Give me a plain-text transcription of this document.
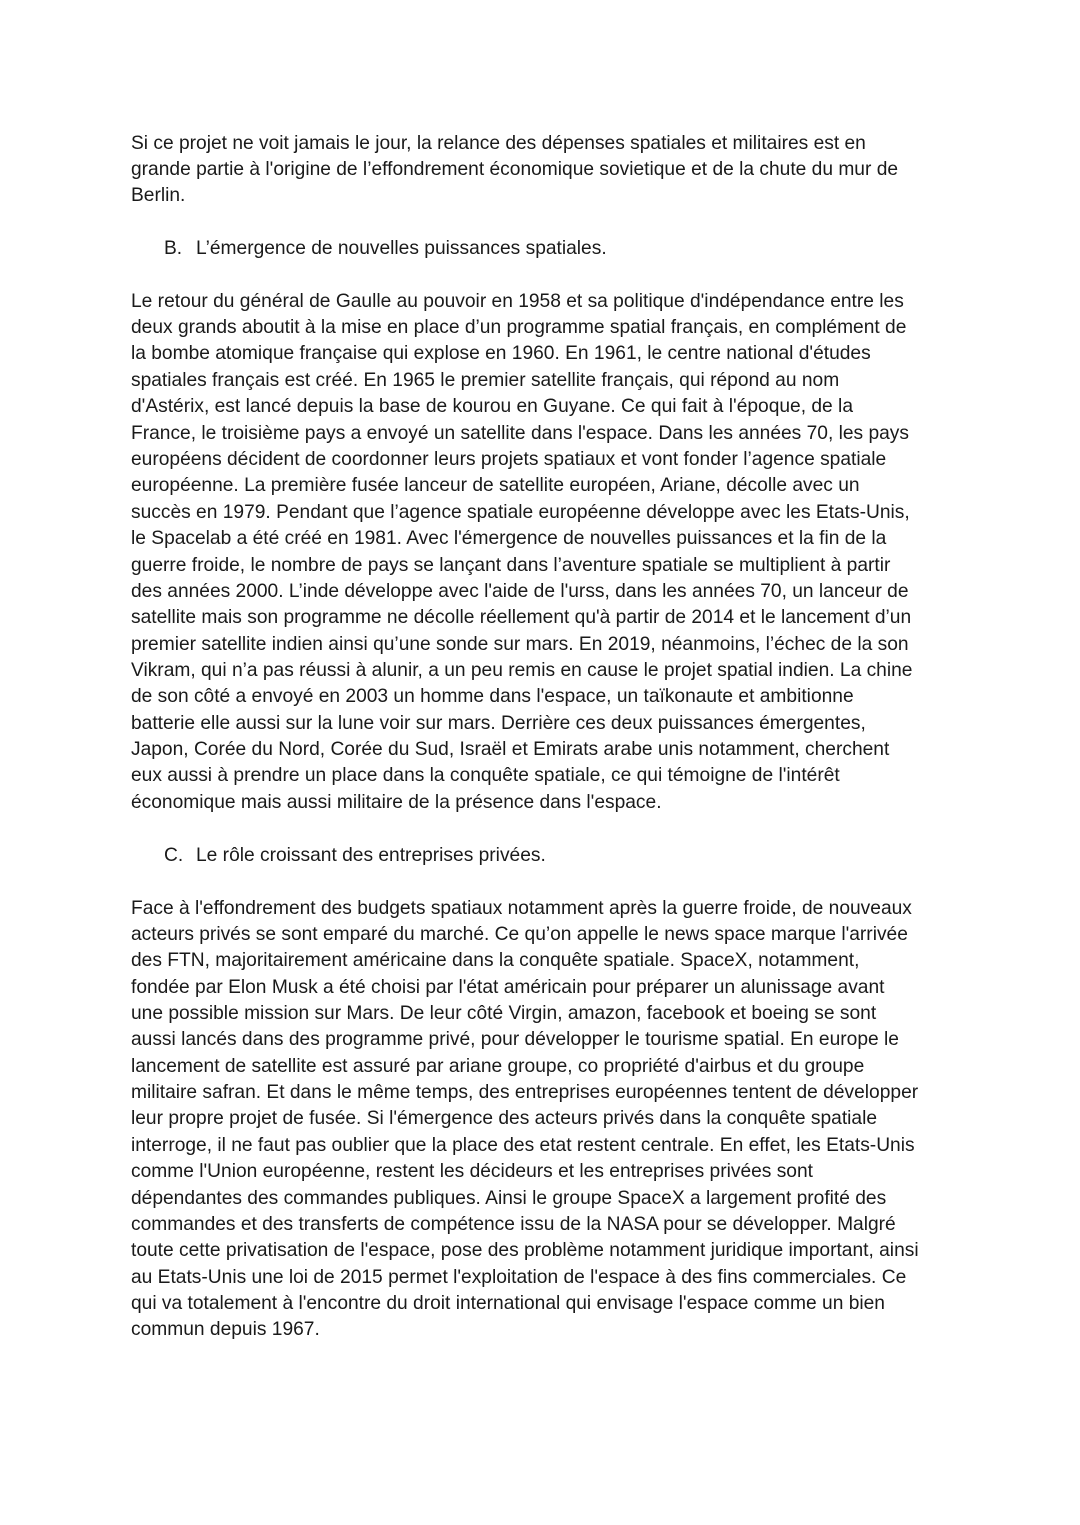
Si ce projet ne voit jamais le jour, la relance des dépenses spatiales et militaires est en
grande partie à l'origine de l’effondrement économique sovietique et de la chute du mur de
Berlin.
B. L’émergence de nouvelles puissances spatiales.
Le retour du général de Gaulle au pouvoir en 1958 et sa politique d'indépendance entre les
deux grands aboutit à la mise en place d’un programme spatial français, en complément de
la bombe atomique française qui explose en 1960. En 1961, le centre national d'études
spatiales français est créé. En 1965 le premier satellite français, qui répond au nom
d'Astérix, est lancé depuis la base de kourou en Guyane. Ce qui fait à l'époque, de la
France, le troisième pays a envoyé un satellite dans l'espace. Dans les années 70, les pays
européens décident de coordonner leurs projets spatiaux et vont fonder l’agence spatiale
européenne. La première fusée lanceur de satellite européen, Ariane, décolle avec un
succès en 1979. Pendant que l’agence spatiale européenne développe avec les Etats-Unis,
le Spacelab a été créé en 1981. Avec l'émergence de nouvelles puissances et la fin de la
guerre froide, le nombre de pays se lançant dans l’aventure spatiale se multiplient à partir
des années 2000. L’inde développe avec l'aide de l'urss, dans les années 70, un lanceur de
satellite mais son programme ne décolle réellement qu'à partir de 2014 et le lancement d’un
premier satellite indien ainsi qu’une sonde sur mars. En 2019, néanmoins, l’échec de la son
Vikram, qui n’a pas réussi à alunir, a un peu remis en cause le projet spatial indien. La chine
de son côté a envoyé en 2003 un homme dans l'espace, un taïkonaute et ambitionne
batterie elle aussi sur la lune voir sur mars. Derrière ces deux puissances émergentes,
Japon, Corée du Nord, Corée du Sud, Israël et Emirats arabe unis notamment, cherchent
eux aussi à prendre un place dans la conquête spatiale, ce qui témoigne de l'intérêt
économique mais aussi militaire de la présence dans l'espace.
C. Le rôle croissant des entreprises privées.
Face à l'effondrement des budgets spatiaux notamment après la guerre froide, de nouveaux
acteurs privés se sont emparé du marché. Ce qu’on appelle le news space marque l'arrivée
des FTN, majoritairement américaine dans la conquête spatiale. SpaceX, notamment,
fondée par Elon Musk a été choisi par l'état américain pour préparer un alunissage avant
une possible mission sur Mars. De leur côté Virgin, amazon, facebook et boeing se sont
aussi lancés dans des programme privé, pour développer le tourisme spatial. En europe le
lancement de satellite est assuré par ariane groupe, co propriété d'airbus et du groupe
militaire safran. Et dans le même temps, des entreprises européennes tentent de développer
leur propre projet de fusée. Si l'émergence des acteurs privés dans la conquête spatiale
interroge, il ne faut pas oublier que la place des etat restent centrale. En effet, les Etats-Unis
comme l'Union européenne, restent les décideurs et les entreprises privées sont
dépendantes des commandes publiques. Ainsi le groupe SpaceX a largement profité des
commandes et des transferts de compétence issu de la NASA pour se développer. Malgré
toute cette privatisation de l'espace, pose des problème notamment juridique important, ainsi
au Etats-Unis une loi de 2015 permet l'exploitation de l'espace à des fins commerciales. Ce
qui va totalement à l'encontre du droit international qui envisage l'espace comme un bien
commun depuis 1967.
